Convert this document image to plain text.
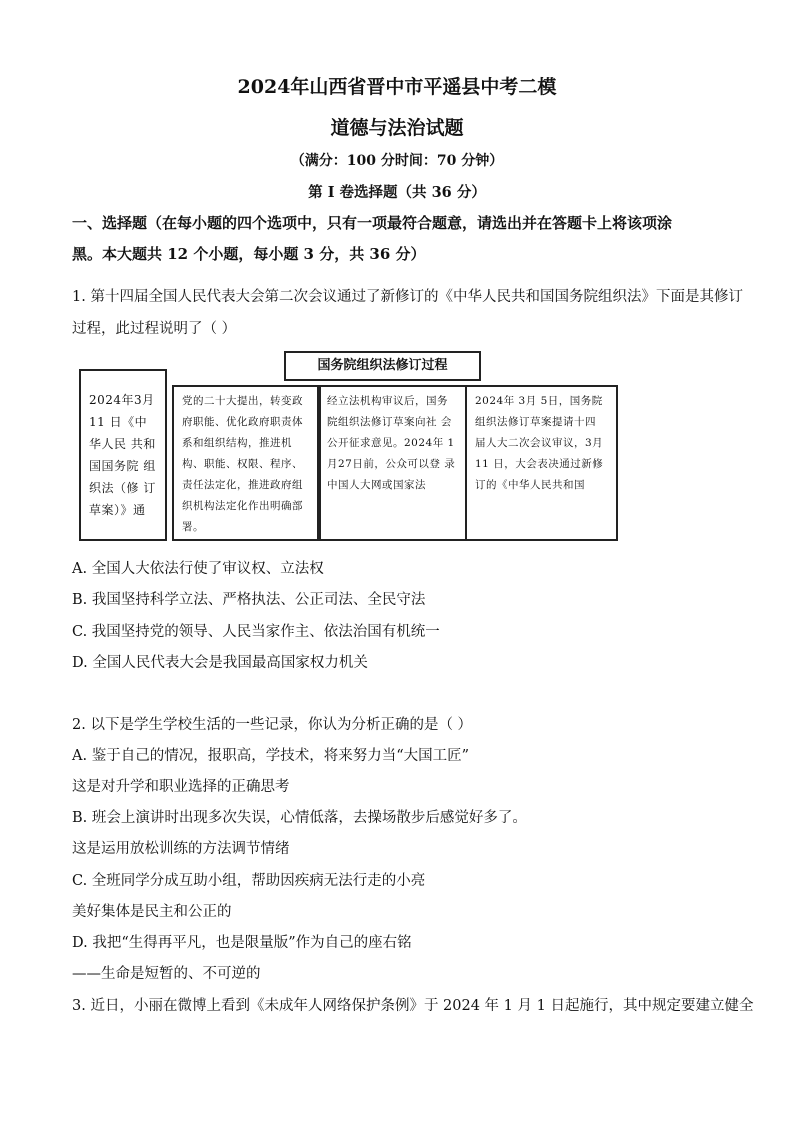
2024年山西省晋中市平遥县中考二模
道德与法治试题
（满分：100 分时间：70 分钟）
第 I 卷选择题（共 36 分）
一、选择题（在每小题的四个选项中，只有一项最符合题意，请选出并在答题卡上将该项涂
黑。本大题共 12 个小题，每小题 3 分，共 36 分）
1. 第十四届全国人民代表大会第二次会议通过了新修订的《中华人民共和国国务院组织法》下面是其修订
过程，此过程说明了（ ）
国务院组织法修订过程
2024年3月11 日《中华人民 共和国国务院 组织法（修 订 草案）》通
党的二十大提出，转变政府职能、优化政府职责体系和组织结构，推进机构、职能、权限、程序、责任法定化，推进政府组织机构法定化作出明确部署。
经立法机构审议后，国务院组织法修订草案向社 会公开征求意见。2024年 1月27日前，公众可以登 录中国人大网或国家法
2024年 3月 5日，国务院 组织法修订草案提请十四 届人大二次会议审议，3月 11 日，大会表决通过新修 订的《中华人民共和国
A. 全国人大依法行使了审议权、立法权
B. 我国坚持科学立法、严格执法、公正司法、全民守法
C. 我国坚持党的领导、人民当家作主、依法治国有机统一
D. 全国人民代表大会是我国最高国家权力机关
2. 以下是学生学校生活的一些记录，你认为分析正确的是（ ）
A. 鉴于自己的情况，报职高，学技术，将来努力当“大国工匠”
这是对升学和职业选择的正确思考
B. 班会上演讲时出现多次失误，心情低落，去操场散步后感觉好多了。
这是运用放松训练的方法调节情绪
C. 全班同学分成互助小组，帮助因疾病无法行走的小亮
美好集体是民主和公正的
D. 我把“生得再平凡，也是限量版”作为自己的座右铭
——生命是短暂的、不可逆的
3. 近日，小丽在微博上看到《未成年人网络保护条例》于 2024 年 1 月 1 日起施行，其中规定要建立健全
